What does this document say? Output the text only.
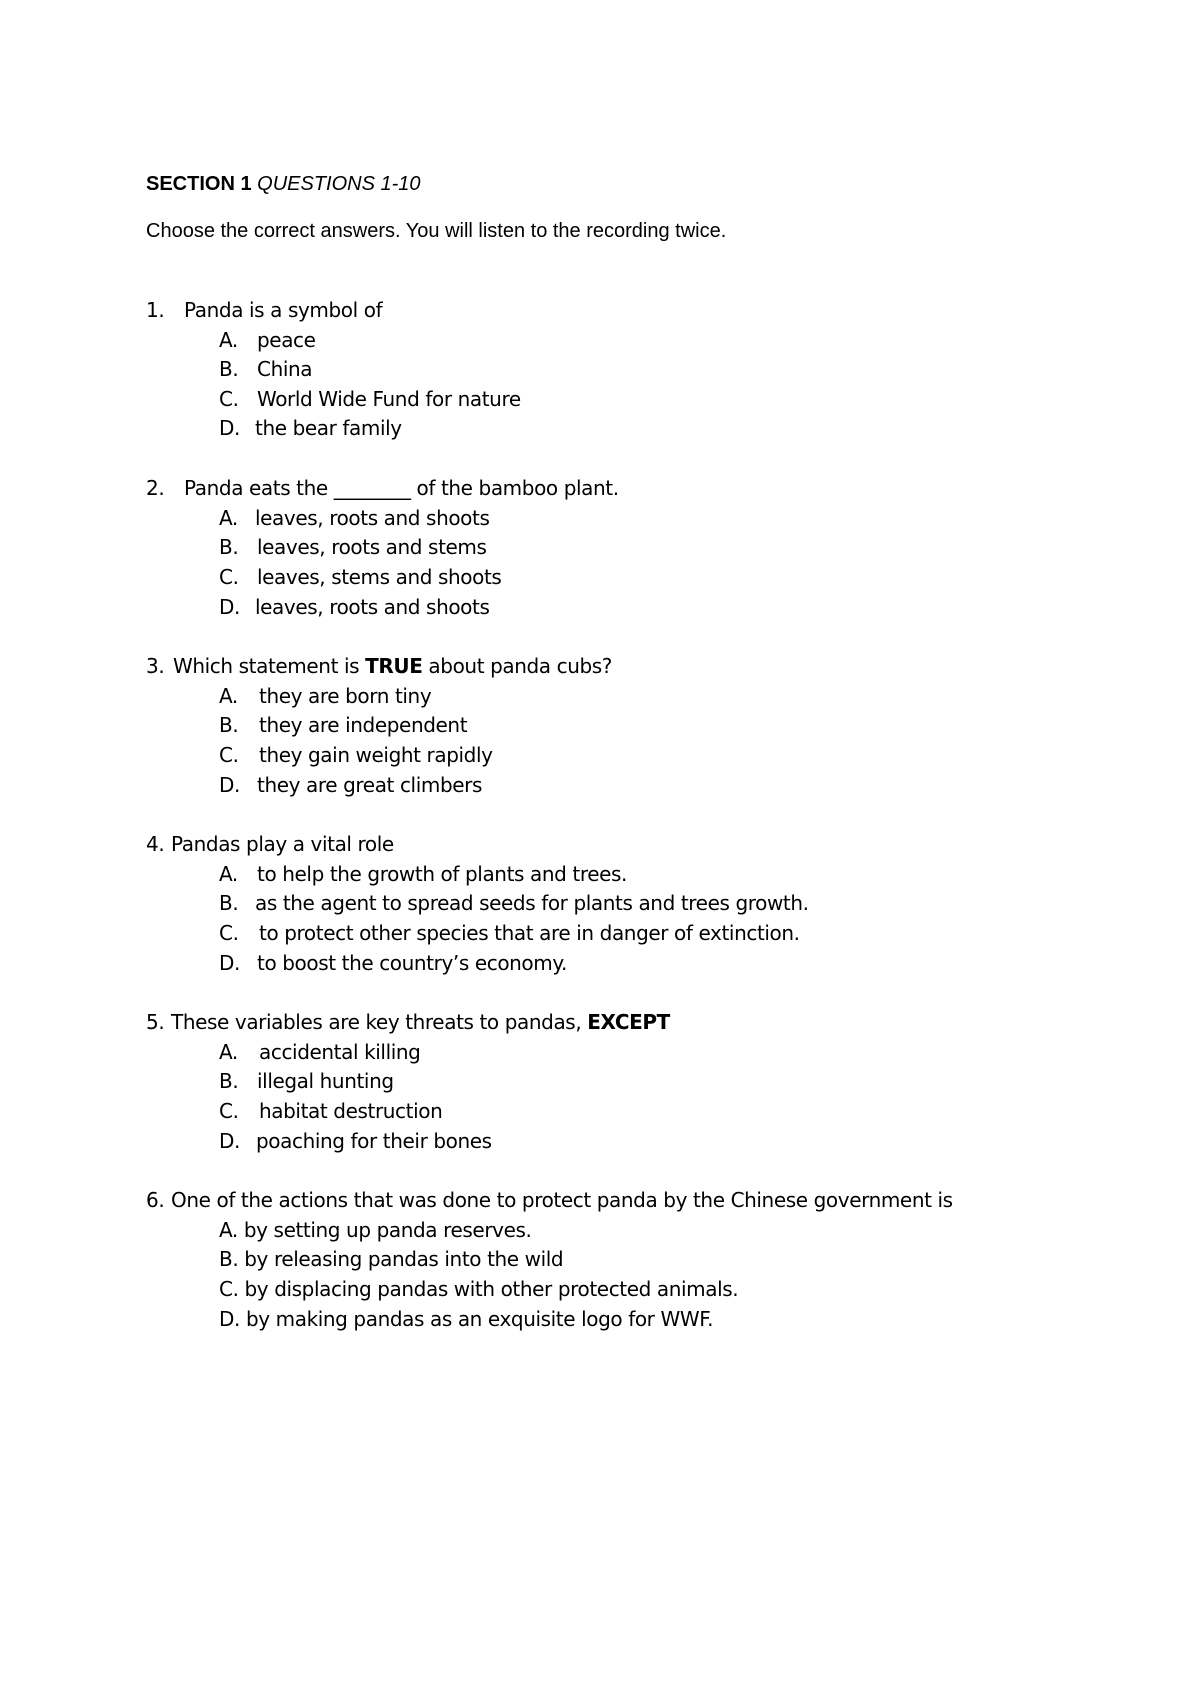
SECTION 1 QUESTIONS 1-10
Choose the correct answers. You will listen to the recording twice.
1. Panda is a symbol of
A. peace
B. China
C. World Wide Fund for nature
D. the bear family
2. Panda eats the ________ of the bamboo plant.
A. leaves, roots and shoots
B. leaves, roots and stems
C. leaves, stems and shoots
D. leaves, roots and shoots
3. Which statement is TRUE about panda cubs?
A. they are born tiny
B. they are independent
C. they gain weight rapidly
D. they are great climbers
4. Pandas play a vital role
A. to help the growth of plants and trees.
B. as the agent to spread seeds for plants and trees growth.
C. to protect other species that are in danger of extinction.
D. to boost the country’s economy.
5. These variables are key threats to pandas, EXCEPT
A. accidental killing
B. illegal hunting
C. habitat destruction
D. poaching for their bones
6. One of the actions that was done to protect panda by the Chinese government is
A. by setting up panda reserves.
B. by releasing pandas into the wild
C. by displacing pandas with other protected animals.
D. by making pandas as an exquisite logo for WWF.
